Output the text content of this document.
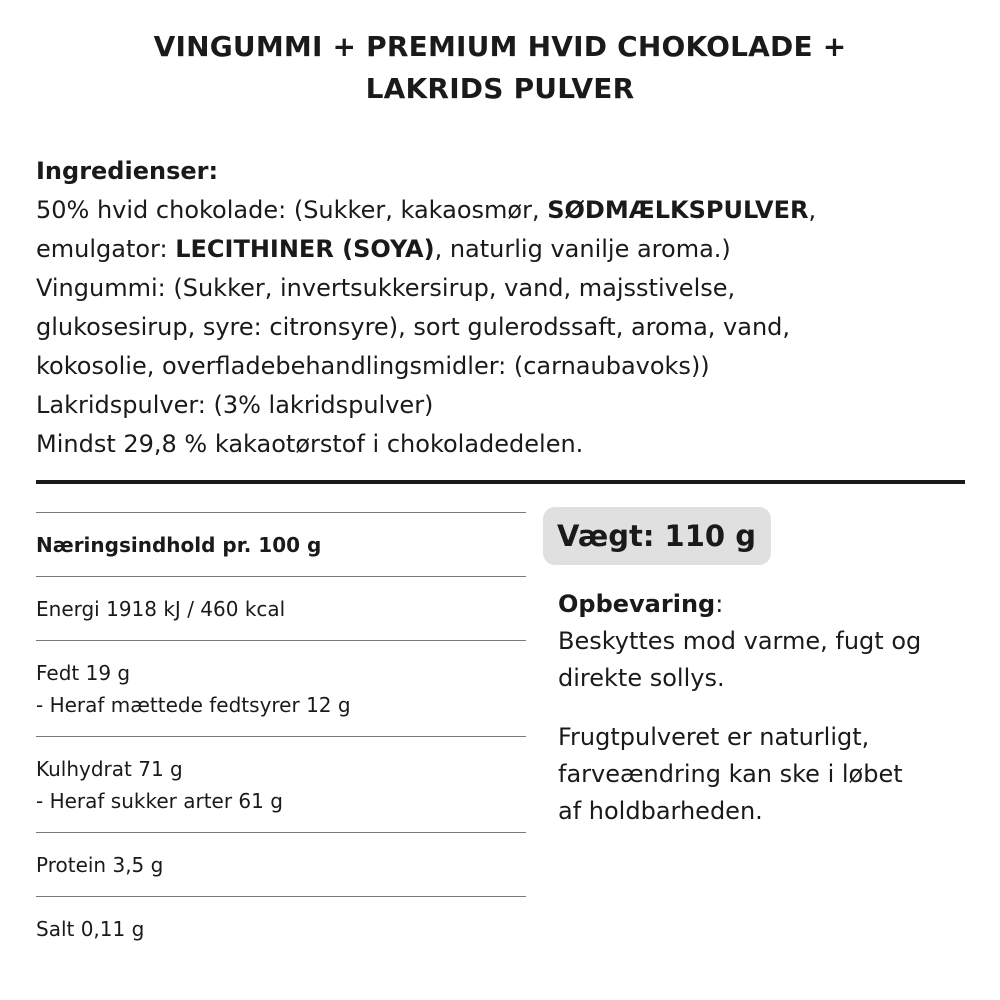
VINGUMMI + PREMIUM HVID CHOKOLADE +
LAKRIDS PULVER
Ingredienser:
50% hvid chokolade: (Sukker, kakaosmør, SØDMÆLKSPULVER,
emulgator: LECITHINER (SOYA), naturlig vanilje aroma.)
Vingummi: (Sukker, invertsukkersirup, vand, majsstivelse,
glukosesirup, syre: citronsyre), sort gulerodssaft, aroma, vand,
kokosolie, overfladebehandlingsmidler: (carnaubavoks))
Lakridspulver: (3% lakridspulver)
Mindst 29,8 % kakaotørstof i chokoladedelen.
Næringsindhold pr. 100 g
Energi 1918 kJ / 460 kcal
Fedt 19 g
- Heraf mættede fedtsyrer 12 g
Kulhydrat 71 g
- Heraf sukker arter 61 g
Protein 3,5 g
Salt 0,11 g
Vægt: 110 g
Opbevaring:
Beskyttes mod varme, fugt og
direkte sollys.
Frugtpulveret er naturligt,
farveændring kan ske i løbet
af holdbarheden.
